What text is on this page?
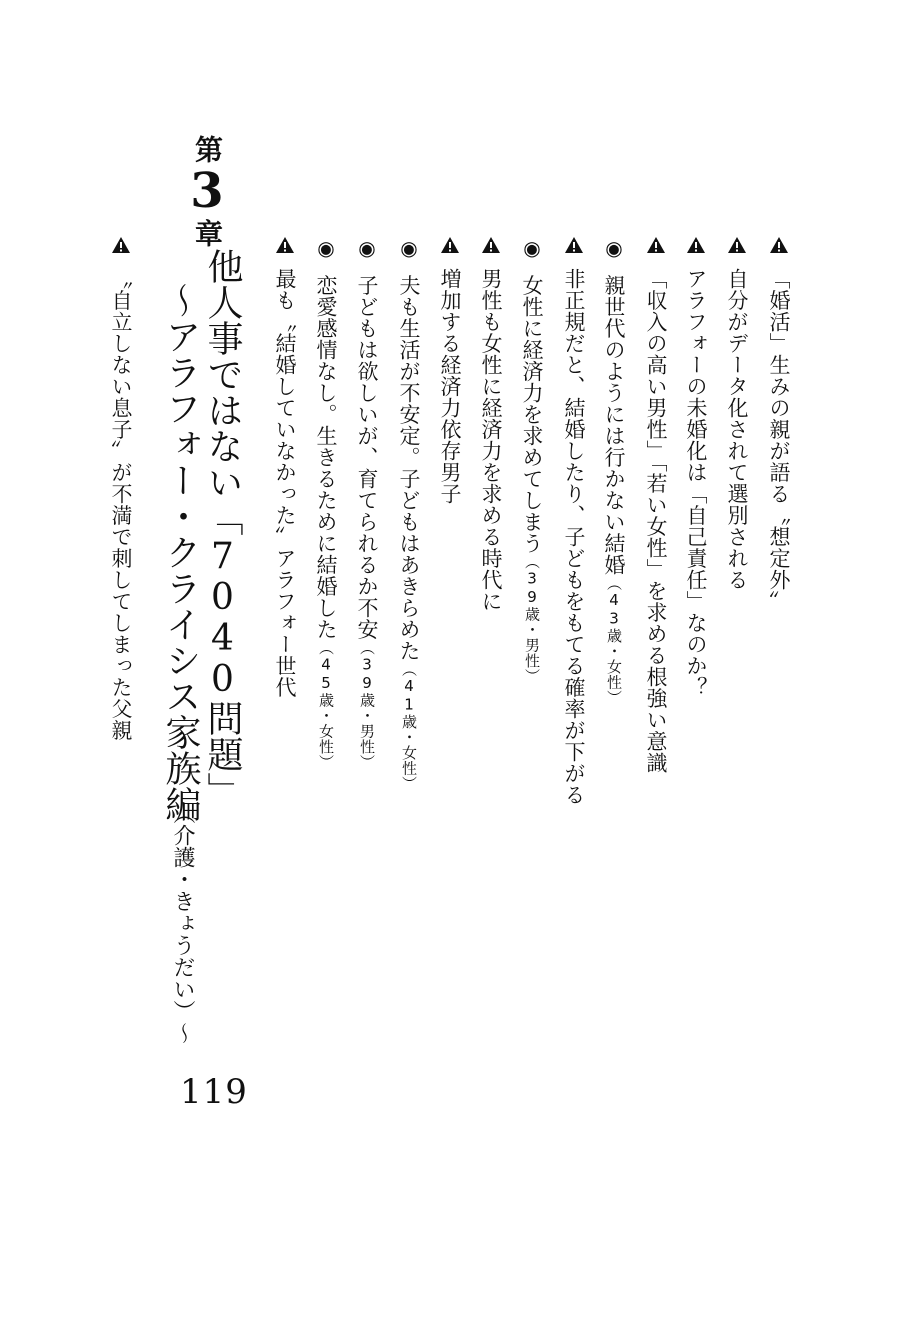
「婚活」生みの親が語る〝想定外〟
自分がデータ化されて選別される
アラフォーの未婚化は「自己責任」なのか？
「収入の高い男性」「若い女性」を求める根強い意識
◉親世代のようには行かない結婚（43歳・女性）
非正規だと、結婚したり、子どもをもてる確率が下がる
◉女性に経済力を求めてしまう（39歳・男性）
男性も女性に経済力を求める時代に
増加する経済力依存男子
◉夫も生活が不安定。子どもはあきらめた（41歳・女性）
◉子どもは欲しいが、育てられるか不安（39歳・男性）
◉恋愛感情なし。生きるために結婚した（45歳・女性）
最も〝結婚していなかった〟アラフォー世代
第3章
他人事ではない「7040問題」
〜アラフォー・クライシス家族編
（介護・きょうだい）〜
〝自立しない息子〟が不満で刺してしまった父親
119
